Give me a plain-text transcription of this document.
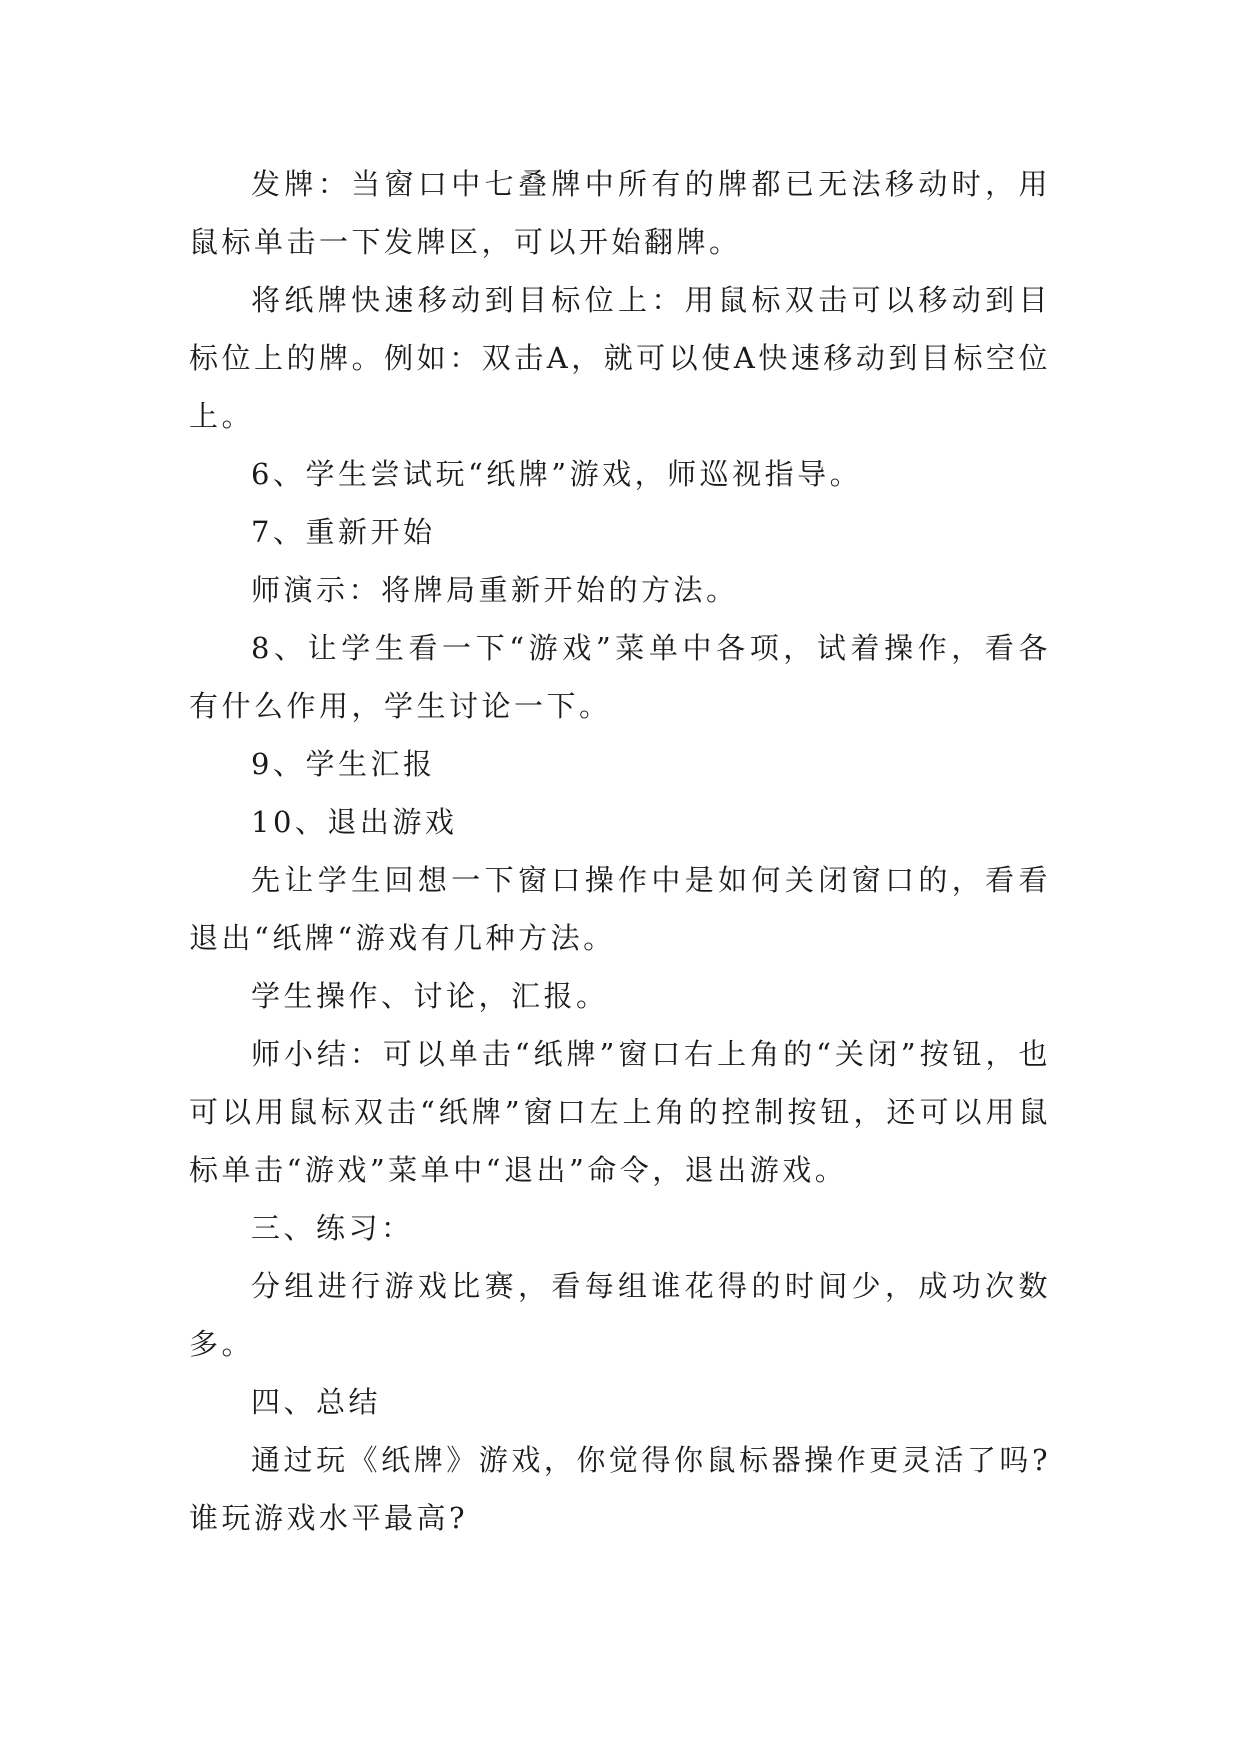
发牌：当窗口中七叠牌中所有的牌都已无法移动时，用鼠标单击一下发牌区，可以开始翻牌。

将纸牌快速移动到目标位上：用鼠标双击可以移动到目标位上的牌。例如：双击A，就可以使A快速移动到目标空位上。

6、学生尝试玩“纸牌”游戏，师巡视指导。

7、重新开始

师演示：将牌局重新开始的方法。

8、让学生看一下“游戏”菜单中各项，试着操作，看各有什么作用，学生讨论一下。

9、学生汇报

10、退出游戏

先让学生回想一下窗口操作中是如何关闭窗口的，看看退出“纸牌“游戏有几种方法。

学生操作、讨论，汇报。

师小结：可以单击“纸牌”窗口右上角的“关闭”按钮，也可以用鼠标双击“纸牌”窗口左上角的控制按钮，还可以用鼠标单击“游戏”菜单中“退出”命令，退出游戏。

三、练习：

分组进行游戏比赛，看每组谁花得的时间少，成功次数多。

四、总结

通过玩《纸牌》游戏，你觉得你鼠标器操作更灵活了吗?谁玩游戏水平最高?
